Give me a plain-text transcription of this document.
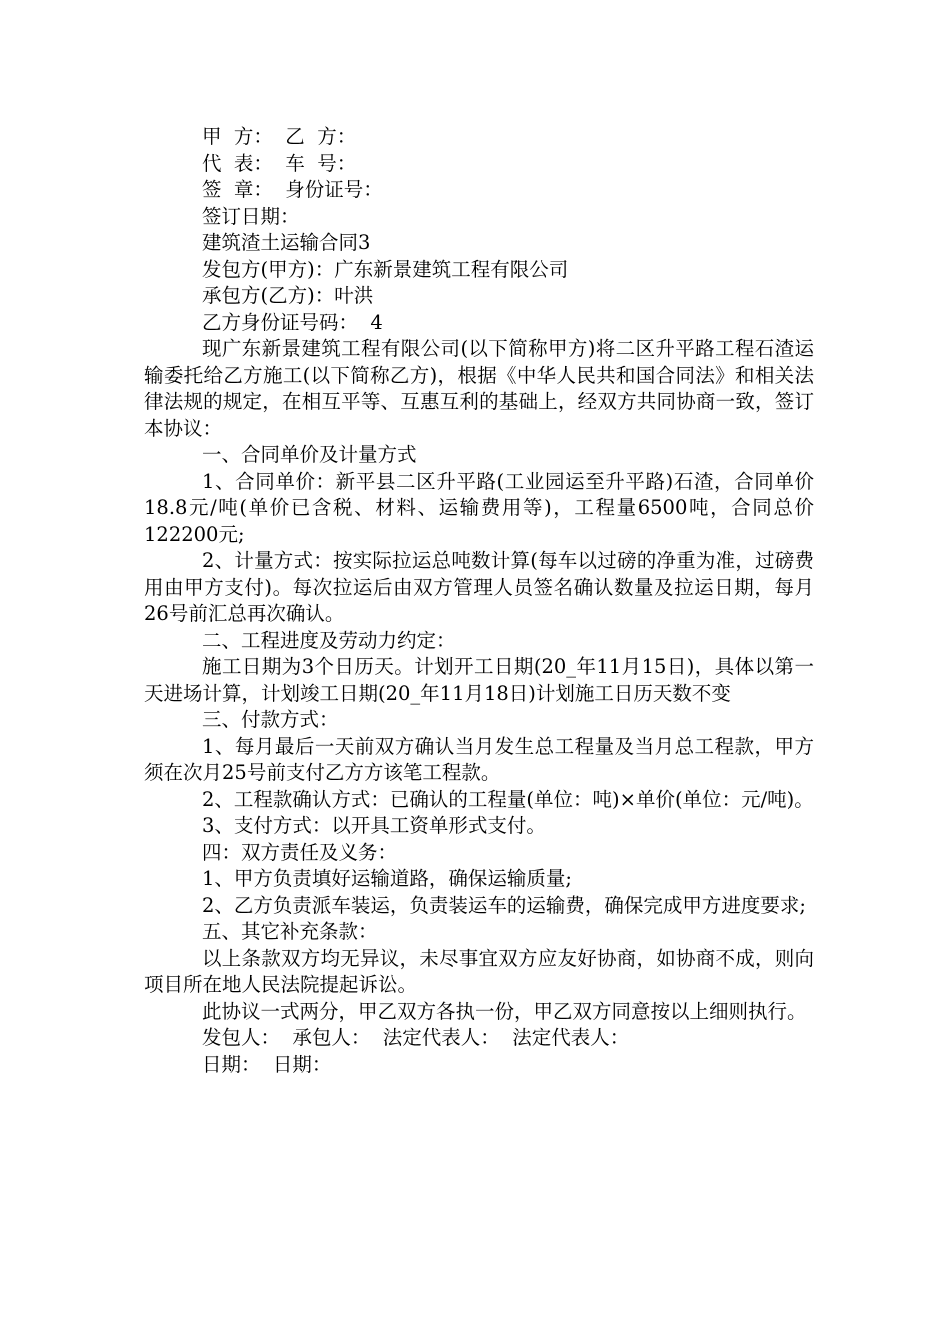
甲  方：  乙  方：
代  表：  车  号：
签  章：  身份证号：
签订日期：
建筑渣土运输合同3
发包方(甲方)：广东新景建筑工程有限公司
承包方(乙方)：叶洪
乙方身份证号码：  4
现广东新景建筑工程有限公司(以下简称甲方)将二区升平路工程石渣运输委托给乙方施工(以下简称乙方)，根据《中华人民共和国合同法》和相关法律法规的规定，在相互平等、互惠互利的基础上，经双方共同协商一致，签订本协议：
一、合同单价及计量方式
1、合同单价：新平县二区升平路(工业园运至升平路)石渣，合同单价18.8元/吨(单价已含税、材料、运输费用等)，工程量6500吨，合同总价122200元;
2、计量方式：按实际拉运总吨数计算(每车以过磅的净重为准，过磅费用由甲方支付)。每次拉运后由双方管理人员签名确认数量及拉运日期，每月26号前汇总再次确认。
二、工程进度及劳动力约定：
施工日期为3个日历天。计划开工日期(20_年11月15日)，具体以第一天进场计算，计划竣工日期(20_年11月18日)计划施工日历天数不变
三、付款方式：
1、每月最后一天前双方确认当月发生总工程量及当月总工程款，甲方须在次月25号前支付乙方方该笔工程款。
2、工程款确认方式：已确认的工程量(单位：吨)×单价(单位：元/吨)。
3、支付方式：以开具工资单形式支付。
四：双方责任及义务：
1、甲方负责填好运输道路，确保运输质量;
2、乙方负责派车装运，负责装运车的运输费，确保完成甲方进度要求;
五、其它补充条款：
以上条款双方均无异议，未尽事宜双方应友好协商，如协商不成，则向项目所在地人民法院提起诉讼。
此协议一式两分，甲乙双方各执一份，甲乙双方同意按以上细则执行。
发包人：  承包人：  法定代表人：  法定代表人：
日期：  日期：
